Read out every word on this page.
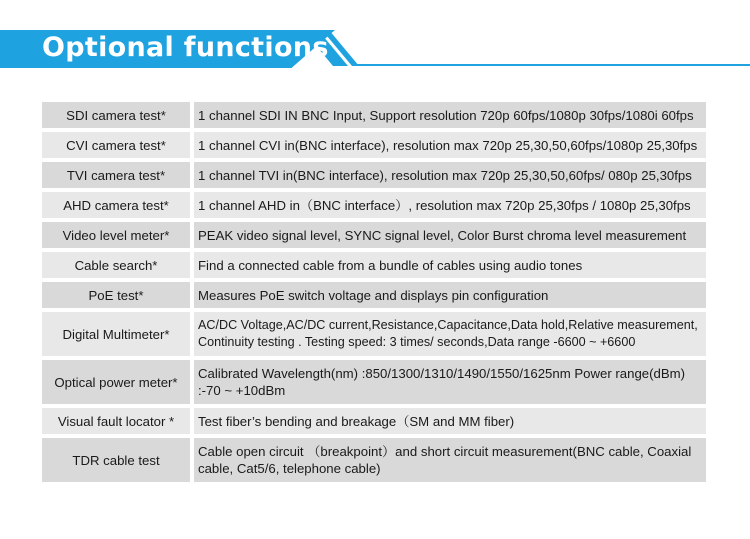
Optional functions
SDI camera test*		1 channel SDI IN BNC Input, Support resolution 720p 60fps/1080p 30fps/1080i 60fps
CVI camera test*		1 channel CVI in(BNC interface), resolution max 720p 25,30,50,60fps/1080p 25,30fps
TVI camera test*		1 channel TVI in(BNC interface), resolution max 720p 25,30,50,60fps/ 080p 25,30fps
AHD camera test*		1 channel AHD in（BNC interface）, resolution max 720p 25,30fps / 1080p 25,30fps
Video level meter*		PEAK video signal level, SYNC signal level, Color Burst chroma level measurement
Cable search*		Find a connected cable from a bundle of cables using audio tones
PoE test*		Measures PoE switch voltage and displays pin configuration
Digital Multimeter*		AC/DC Voltage,AC/DC current,Resistance,Capacitance,Data hold,Relative measurement, Continuity testing . Testing speed: 3 times/ seconds,Data range -6600 ~ +6600
Optical power meter*		Calibrated Wavelength(nm) :850/1300/1310/1490/1550/1625nm Power range(dBm) :-70 ~ +10dBm
Visual fault locator *		Test fiber’s bending and breakage（SM and MM fiber)
TDR cable test		Cable open circuit （breakpoint）and short circuit measurement(BNC cable, Coaxial cable, Cat5/6, telephone cable)
